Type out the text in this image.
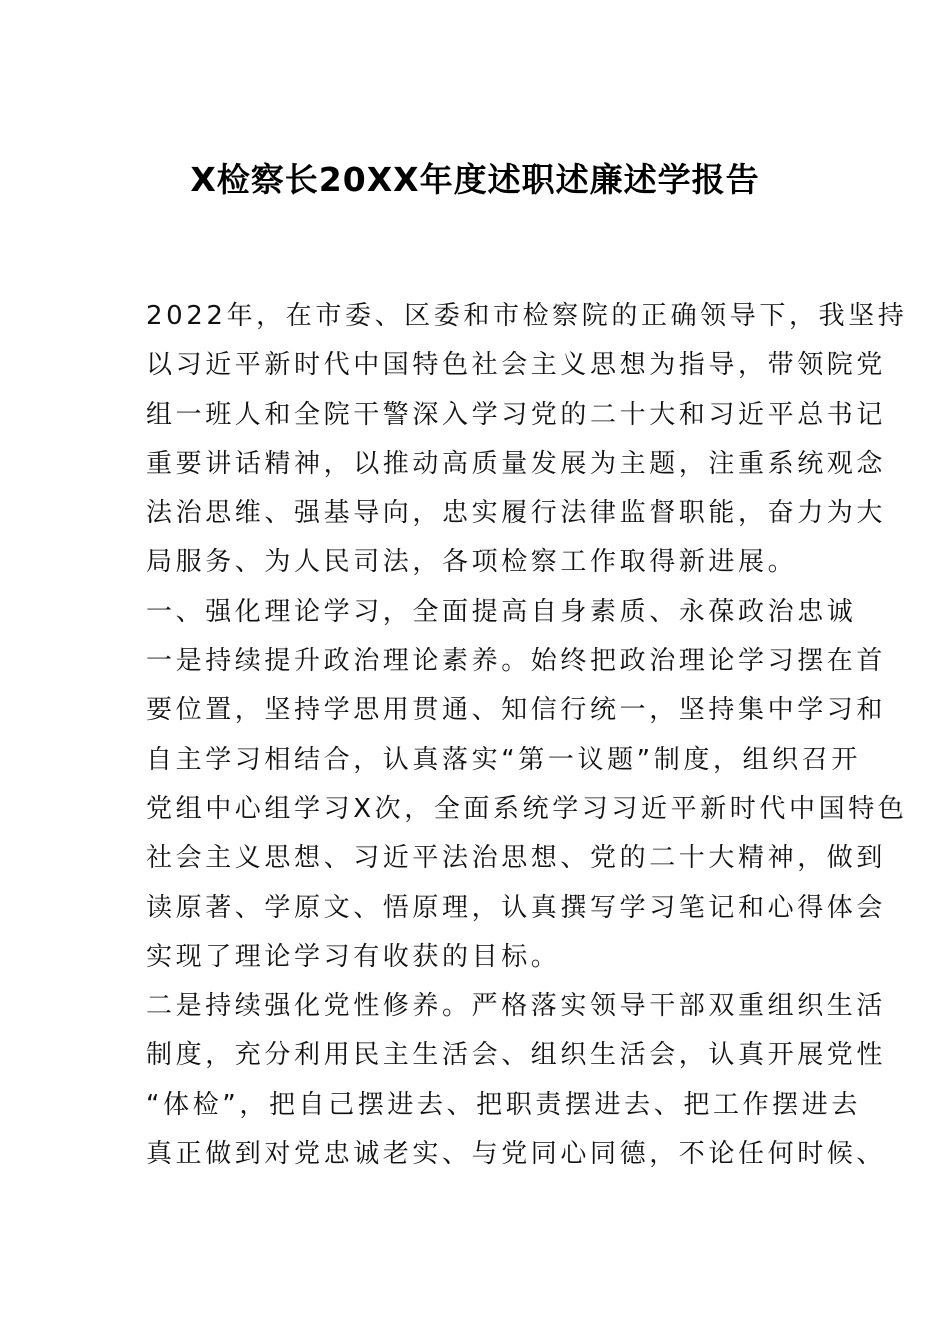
X检察长20XX年度述职述廉述学报告
2022年，在市委、区委和市检察院的正确领导下，我坚持
以习近平新时代中国特色社会主义思想为指导，带领院党
组一班人和全院干警深入学习党的二十大和习近平总书记
重要讲话精神，以推动高质量发展为主题，注重系统观念
法治思维、强基导向，忠实履行法律监督职能，奋力为大
局服务、为人民司法，各项检察工作取得新进展。
一、强化理论学习，全面提高自身素质、永葆政治忠诚
一是持续提升政治理论素养。始终把政治理论学习摆在首
要位置，坚持学思用贯通、知信行统一，坚持集中学习和
自主学习相结合，认真落实“第一议题”制度，组织召开
党组中心组学习X次，全面系统学习习近平新时代中国特色
社会主义思想、习近平法治思想、党的二十大精神，做到
读原著、学原文、悟原理，认真撰写学习笔记和心得体会
实现了理论学习有收获的目标。
二是持续强化党性修养。严格落实领导干部双重组织生活
制度，充分利用民主生活会、组织生活会，认真开展党性
“体检”，把自己摆进去、把职责摆进去、把工作摆进去
真正做到对党忠诚老实、与党同心同德，不论任何时候、
